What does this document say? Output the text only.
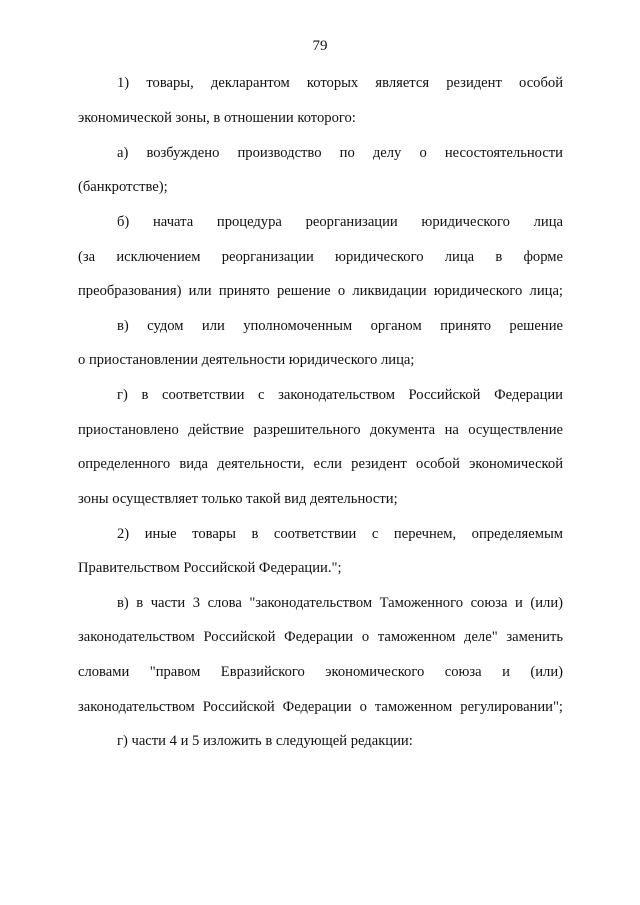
79
1) товары, декларантом которых является резидент особой
экономической зоны, в отношении которого:
а) возбуждено производство по делу о несостоятельности
(банкротстве);
б) начата процедура реорганизации юридического лица
(за исключением реорганизации юридического лица в форме
преобразования) или принято решение о ликвидации юридического лица;
в) судом или уполномоченным органом принято решение
о приостановлении деятельности юридического лица;
г) в соответствии с законодательством Российской Федерации
приостановлено действие разрешительного документа на осуществление
определенного вида деятельности, если резидент особой экономической
зоны осуществляет только такой вид деятельности;
2) иные товары в соответствии с перечнем, определяемым
Правительством Российской Федерации.";
в) в части 3 слова "законодательством Таможенного союза и (или)
законодательством Российской Федерации о таможенном деле" заменить
словами "правом Евразийского экономического союза и (или)
законодательством Российской Федерации о таможенном регулировании";
г) части 4 и 5 изложить в следующей редакции:
